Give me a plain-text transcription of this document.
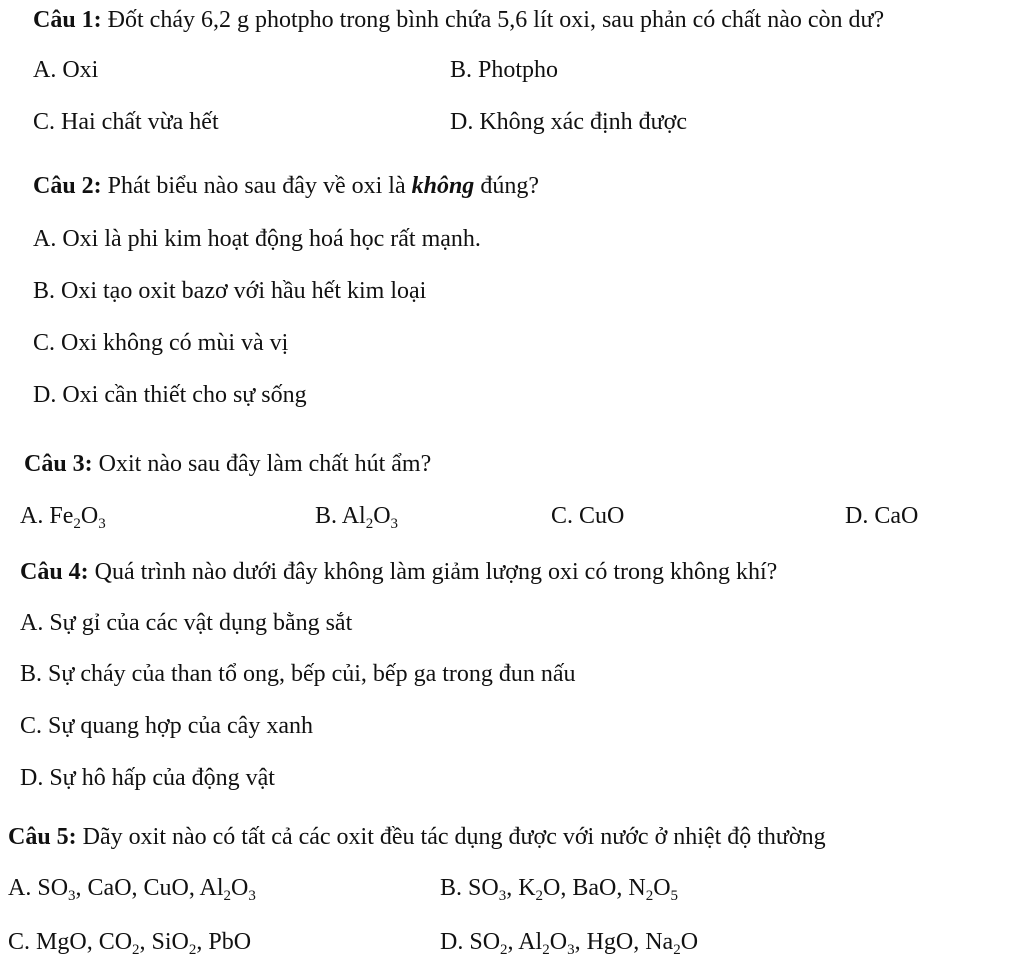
Câu 1: Đốt cháy 6,2 g photpho trong bình chứa 5,6 lít oxi, sau phản có chất nào còn dư?
A. Oxi	B. Photpho
C. Hai chất vừa hết	D. Không xác định được
Câu 2: Phát biểu nào sau đây về oxi là không đúng?
A. Oxi là phi kim hoạt động hoá học rất mạnh.
B. Oxi tạo oxit bazơ với hầu hết kim loại
C. Oxi không có mùi và vị
D. Oxi cần thiết cho sự sống
Câu 3: Oxit nào sau đây làm chất hút ẩm?
A. $Fe_2O_3$	B. $Al_2O_3$	C. CuO	D. CaO
Câu 4: Quá trình nào dưới đây không làm giảm lượng oxi có trong không khí?
A. Sự gỉ của các vật dụng bằng sắt
B. Sự cháy của than tổ ong, bếp củi, bếp ga trong đun nấu
C. Sự quang hợp của cây xanh
D. Sự hô hấp của động vật
Câu 5: Dãy oxit nào có tất cả các oxit đều tác dụng được với nước ở nhiệt độ thường
A. $SO_3$, CaO, CuO, $Al_2O_3$	B. $SO_3$, $K_2O$, BaO, $N_2O_5$
C. MgO, $CO_2$, SiO$_2$, PbO	D. $SO_2$, $Al_2O_3$, HgO, $Na_2O$
